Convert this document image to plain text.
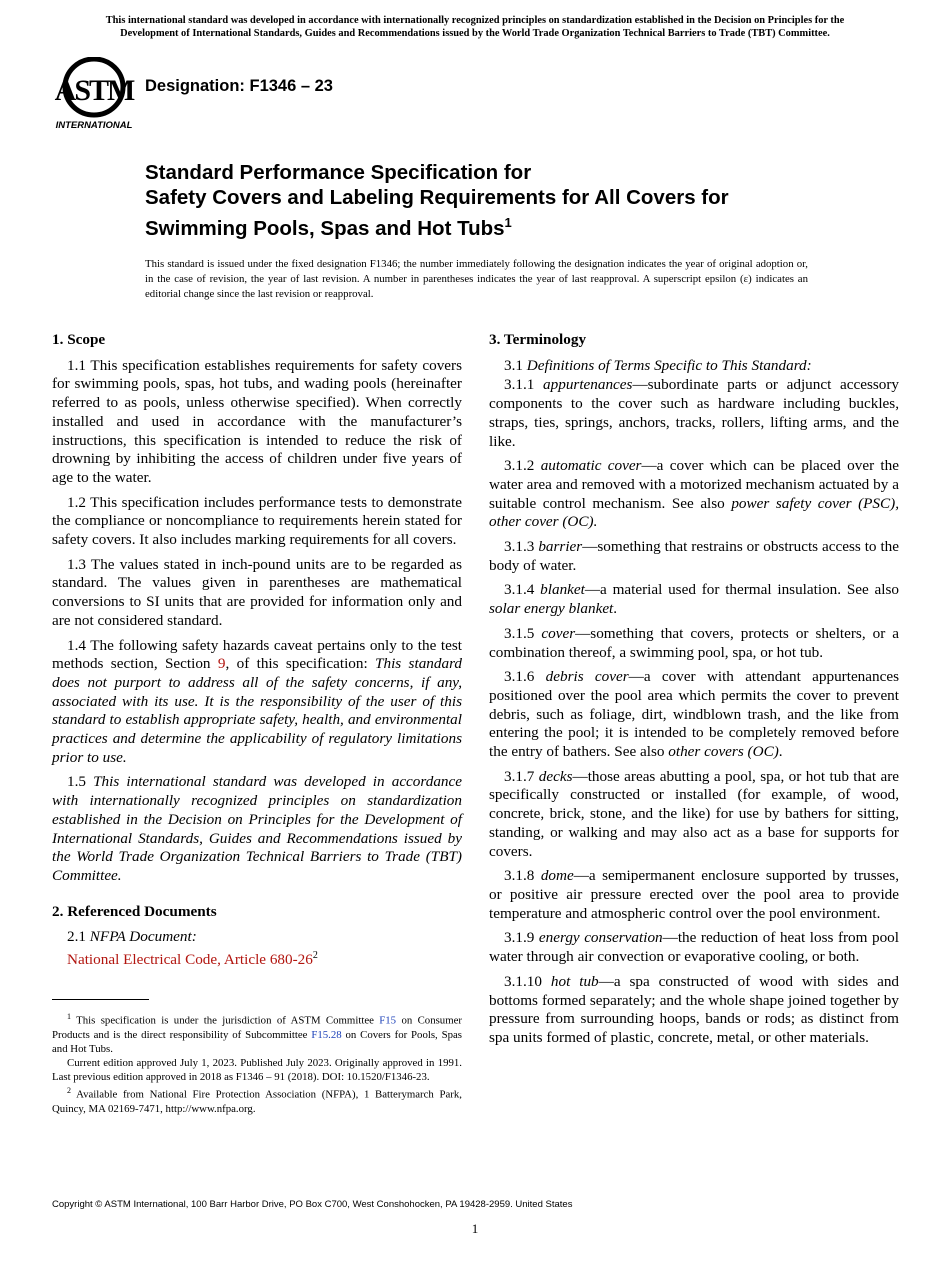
This international standard was developed in accordance with internationally recognized principles on standardization established in the Decision on Principles for the
Development of International Standards, Guides and Recommendations issued by the World Trade Organization Technical Barriers to Trade (TBT) Committee.
ASTM
INTERNATIONAL
Designation: F1346 – 23
Standard Performance Specification for
Safety Covers and Labeling Requirements for All Covers for
Swimming Pools, Spas and Hot Tubs$^1$
This standard is issued under the fixed designation F1346; the number immediately following the designation indicates the year of original adoption or, in the case of revision, the year of last revision. A number in parentheses indicates the year of last reapproval. A superscript epsilon (ε) indicates an editorial change since the last revision or reapproval.
1. Scope

1.1 This specification establishes requirements for safety covers for swimming pools, spas, hot tubs, and wading pools (hereinafter referred to as pools, unless otherwise specified). When correctly installed and used in accordance with the manufacturer’s instructions, this specification is intended to reduce the risk of drowning by inhibiting the access of children under five years of age to the water.

1.2 This specification includes performance tests to demonstrate the compliance or noncompliance to requirements herein stated for safety covers. It also includes marking requirements for all covers.

1.3 The values stated in inch-pound units are to be regarded as standard. The values given in parentheses are mathematical conversions to SI units that are provided for information only and are not considered standard.

1.4 The following safety hazards caveat pertains only to the test methods section, Section 9, of this specification: This standard does not purport to address all of the safety concerns, if any, associated with its use. It is the responsibility of the user of this standard to establish appropriate safety, health, and environmental practices and determine the applicability of regulatory limitations prior to use.

1.5 This international standard was developed in accordance with internationally recognized principles on standardization established in the Decision on Principles for the Development of International Standards, Guides and Recommendations issued by the World Trade Organization Technical Barriers to Trade (TBT) Committee.

2. Referenced Documents

2.1 NFPA Document:

National Electrical Code, Article $680-26^2$

$^1$ This specification is under the jurisdiction of ASTM Committee F15 on Consumer Products and is the direct responsibility of Subcommittee F15.28 on Covers for Pools, Spas and Hot Tubs.

Current edition approved July 1, 2023. Published July 2023. Originally approved in 1991. Last previous edition approved in 2018 as F1346 – 91 (2018). DOI: 10.1520/F1346-23.

$^2$ Available from National Fire Protection Association (NFPA), 1 Batterymarch Park, Quincy, MA 02169-7471, http://www.nfpa.org.

3. Terminology

3.1 Definitions of Terms Specific to This Standard:

3.1.1 appurtenances—subordinate parts or adjunct accessory components to the cover such as hardware including buckles, straps, ties, springs, anchors, tracks, rollers, lifting arms, and the like.

3.1.2 automatic cover—a cover which can be placed over the water area and removed with a motorized mechanism actuated by a suitable control mechanism. See also power safety cover (PSC), other cover (OC).

3.1.3 barrier—something that restrains or obstructs access to the body of water.

3.1.4 blanket—a material used for thermal insulation. See also solar energy blanket.

3.1.5 cover—something that covers, protects or shelters, or a combination thereof, a swimming pool, spa, or hot tub.

3.1.6 debris cover—a cover with attendant appurtenances positioned over the pool area which permits the cover to prevent debris, such as foliage, dirt, windblown trash, and the like from entering the pool; it is intended to be completely removed before the entry of bathers. See also other covers (OC).

3.1.7 decks—those areas abutting a pool, spa, or hot tub that are specifically constructed or installed (for example, of wood, concrete, brick, stone, and the like) for use by bathers for sitting, standing, or walking and may also act as a base for supports for covers.

3.1.8 dome—a semipermanent enclosure supported by trusses, or positive air pressure erected over the pool area to provide temperature and atmospheric control over the pool environment.

3.1.9 energy conservation—the reduction of heat loss from pool water through air convection or evaporative cooling, or both.

3.1.10 hot tub—a spa constructed of wood with sides and bottoms formed separately; and the whole shape joined together by pressure from surrounding hoops, bands or rods; as distinct from spa units formed of plastic, concrete, metal, or other materials.

Copyright © ASTM International, 100 Barr Harbor Drive, PO Box C700, West Conshohocken, PA 19428-2959. United States
1
